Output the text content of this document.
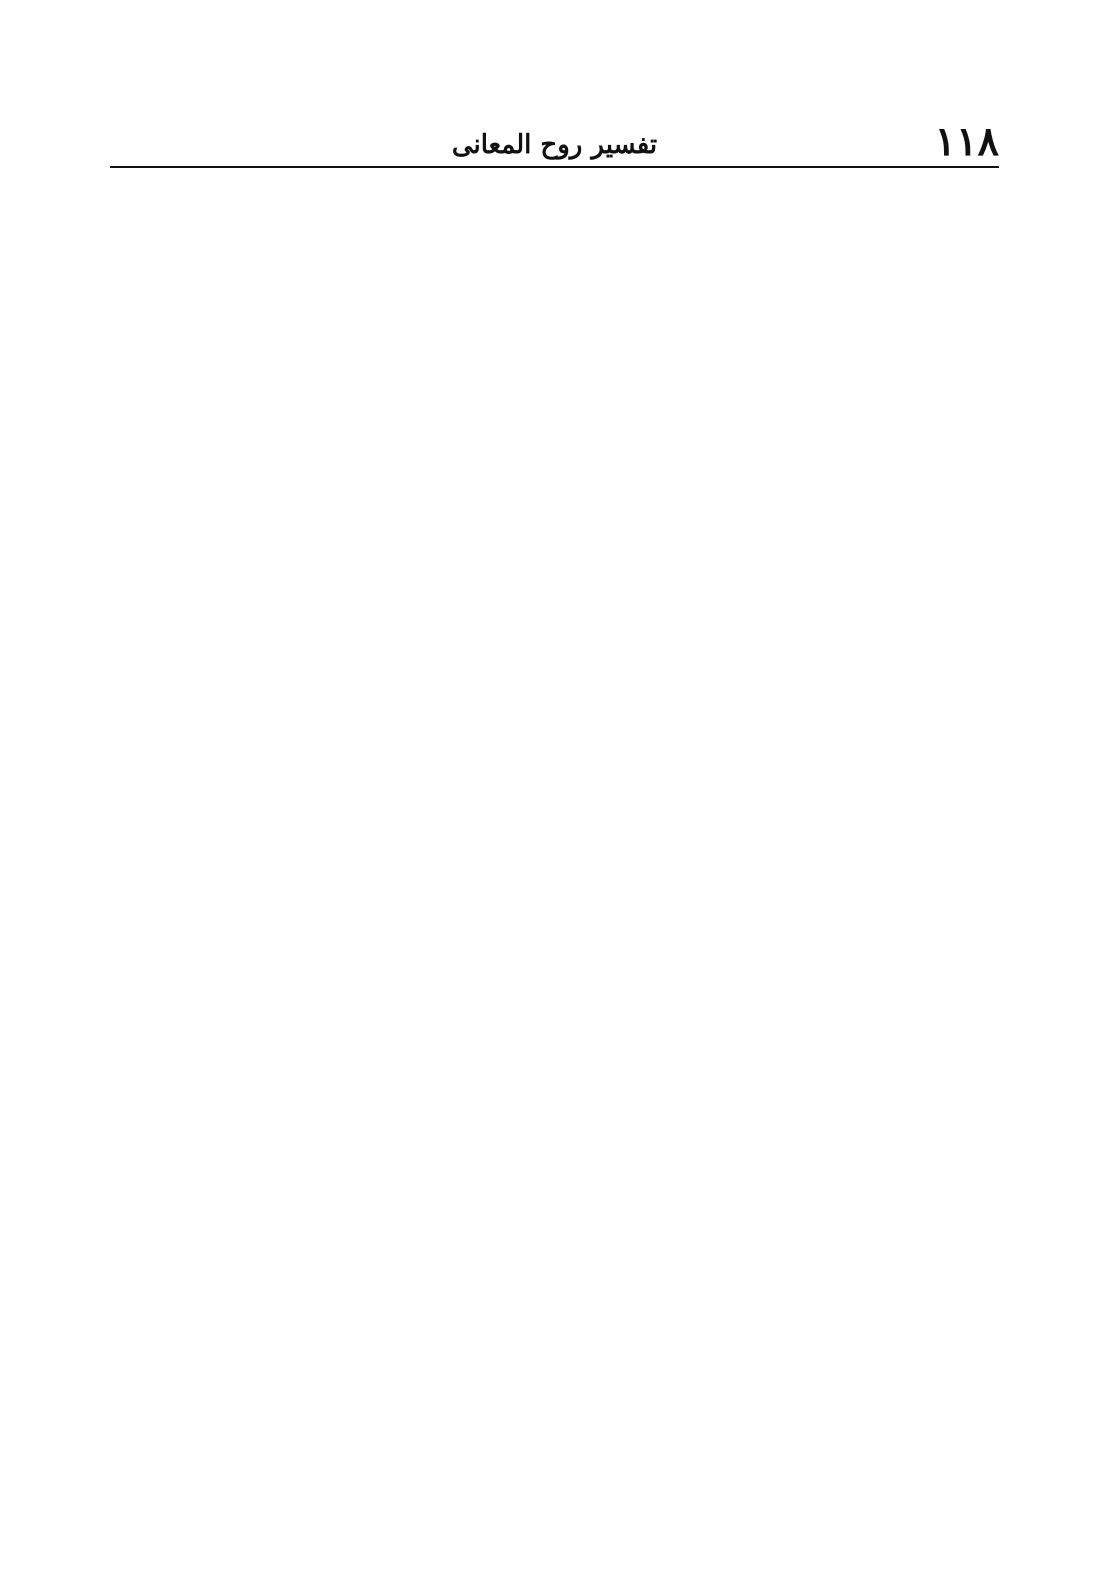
١١٨
تفسير روح المعانى
